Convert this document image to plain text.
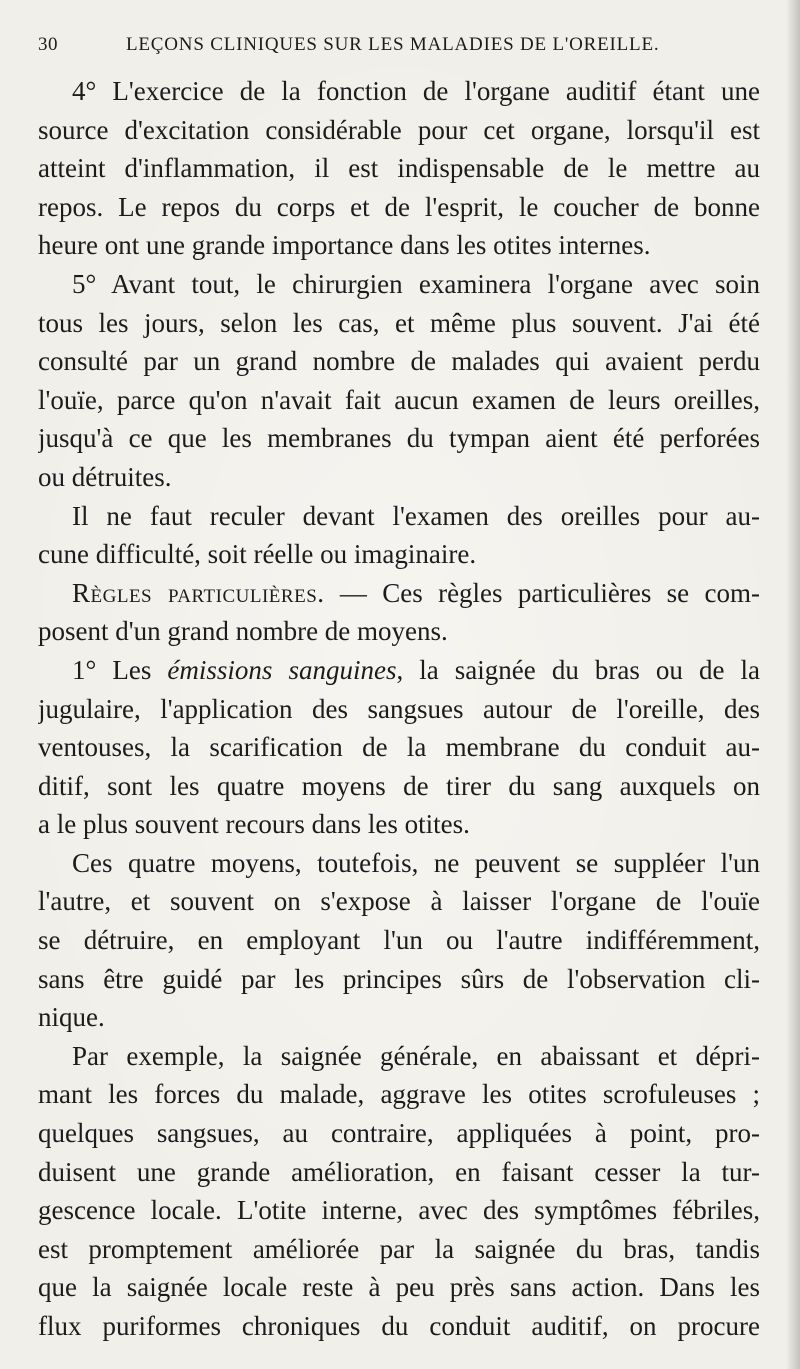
30	LEÇONS CLINIQUES SUR LES MALADIES DE L'OREILLE.
4° L'exercice de la fonction de l'organe auditif étant une
source d'excitation considérable pour cet organe, lorsqu'il est
atteint d'inflammation, il est indispensable de le mettre au
repos. Le repos du corps et de l'esprit, le coucher de bonne
heure ont une grande importance dans les otites internes.
5° Avant tout, le chirurgien examinera l'organe avec soin
tous les jours, selon les cas, et même plus souvent. J'ai été
consulté par un grand nombre de malades qui avaient perdu
l'ouïe, parce qu'on n'avait fait aucun examen de leurs oreilles,
jusqu'à ce que les membranes du tympan aient été perforées
ou détruites.
Il ne faut reculer devant l'examen des oreilles pour au-
cune difficulté, soit réelle ou imaginaire.
Règles particulières. — Ces règles particulières se com-
posent d'un grand nombre de moyens.
1° Les émissions sanguines, la saignée du bras ou de la
jugulaire, l'application des sangsues autour de l'oreille, des
ventouses, la scarification de la membrane du conduit au-
ditif, sont les quatre moyens de tirer du sang auxquels on
a le plus souvent recours dans les otites.
Ces quatre moyens, toutefois, ne peuvent se suppléer l'un
l'autre, et souvent on s'expose à laisser l'organe de l'ouïe
se détruire, en employant l'un ou l'autre indifféremment,
sans être guidé par les principes sûrs de l'observation cli-
nique.
Par exemple, la saignée générale, en abaissant et dépri-
mant les forces du malade, aggrave les otites scrofuleuses ;
quelques sangsues, au contraire, appliquées à point, pro-
duisent une grande amélioration, en faisant cesser la tur-
gescence locale. L'otite interne, avec des symptômes fébriles,
est promptement améliorée par la saignée du bras, tandis
que la saignée locale reste à peu près sans action. Dans les
flux puriformes chroniques du conduit auditif, on procure
